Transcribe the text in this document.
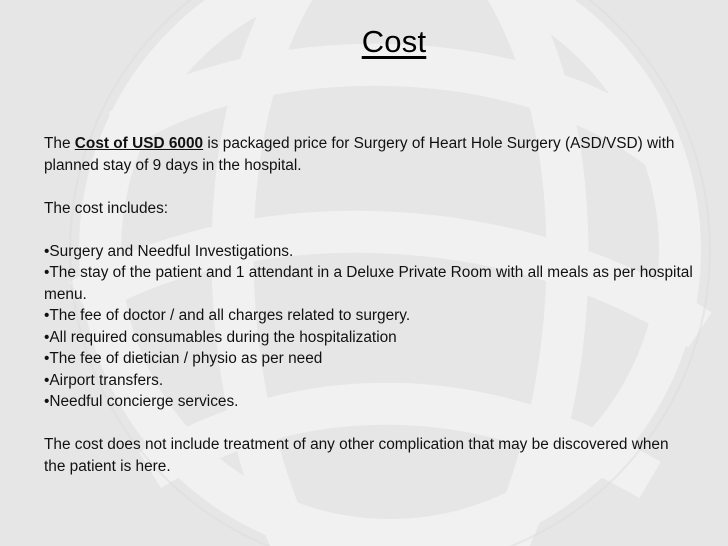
Cost

The Cost of USD 6000 is packaged price for Surgery of Heart Hole Surgery (ASD/VSD) with planned stay of 9 days in the hospital.

The cost includes:

•Surgery and Needful Investigations.

•The stay of the patient and 1 attendant in a Deluxe Private Room with all meals as per hospital menu.

•The fee of doctor / and all charges related to surgery.

•All required consumables during the hospitalization

•The fee of dietician / physio as per need

•Airport transfers.

•Needful concierge services.

The cost does not include treatment of any other complication that may be discovered when the patient is here.
